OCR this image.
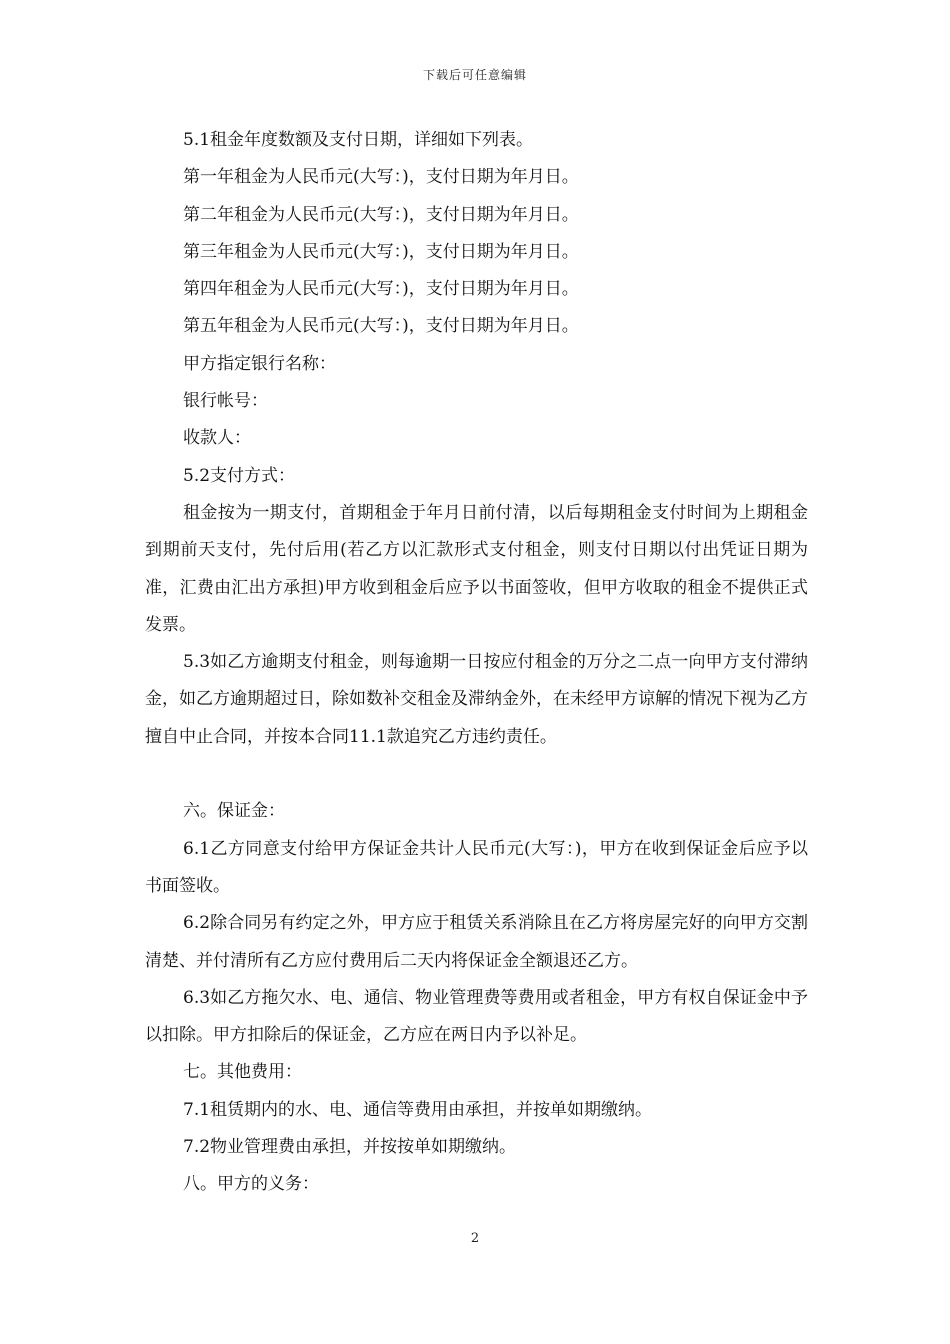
下载后可任意编辑
5.1租金年度数额及支付日期，详细如下列表。
第一年租金为人民币元(大写：)，支付日期为年月日。
第二年租金为人民币元(大写：)，支付日期为年月日。
第三年租金为人民币元(大写：)，支付日期为年月日。
第四年租金为人民币元(大写：)，支付日期为年月日。
第五年租金为人民币元(大写：)，支付日期为年月日。
甲方指定银行名称：
银行帐号：
收款人：
5.2支付方式：
租金按为一期支付，首期租金于年月日前付清，以后每期租金支付时间为上期租金到期前天支付，先付后用(若乙方以汇款形式支付租金，则支付日期以付出凭证日期为准，汇费由汇出方承担)甲方收到租金后应予以书面签收，但甲方收取的租金不提供正式发票。
5.3如乙方逾期支付租金，则每逾期一日按应付租金的万分之二点一向甲方支付滞纳金，如乙方逾期超过日，除如数补交租金及滞纳金外，在未经甲方谅解的情况下视为乙方擅自中止合同，并按本合同11.1款追究乙方违约责任。
六。保证金：
6.1乙方同意支付给甲方保证金共计人民币元(大写：)，甲方在收到保证金后应予以书面签收。
6.2除合同另有约定之外，甲方应于租赁关系消除且在乙方将房屋完好的向甲方交割清楚、并付清所有乙方应付费用后二天内将保证金全额退还乙方。
6.3如乙方拖欠水、电、通信、物业管理费等费用或者租金，甲方有权自保证金中予以扣除。甲方扣除后的保证金，乙方应在两日内予以补足。
七。其他费用：
7.1租赁期内的水、电、通信等费用由承担，并按单如期缴纳。
7.2物业管理费由承担，并按按单如期缴纳。
八。甲方的义务：
2
